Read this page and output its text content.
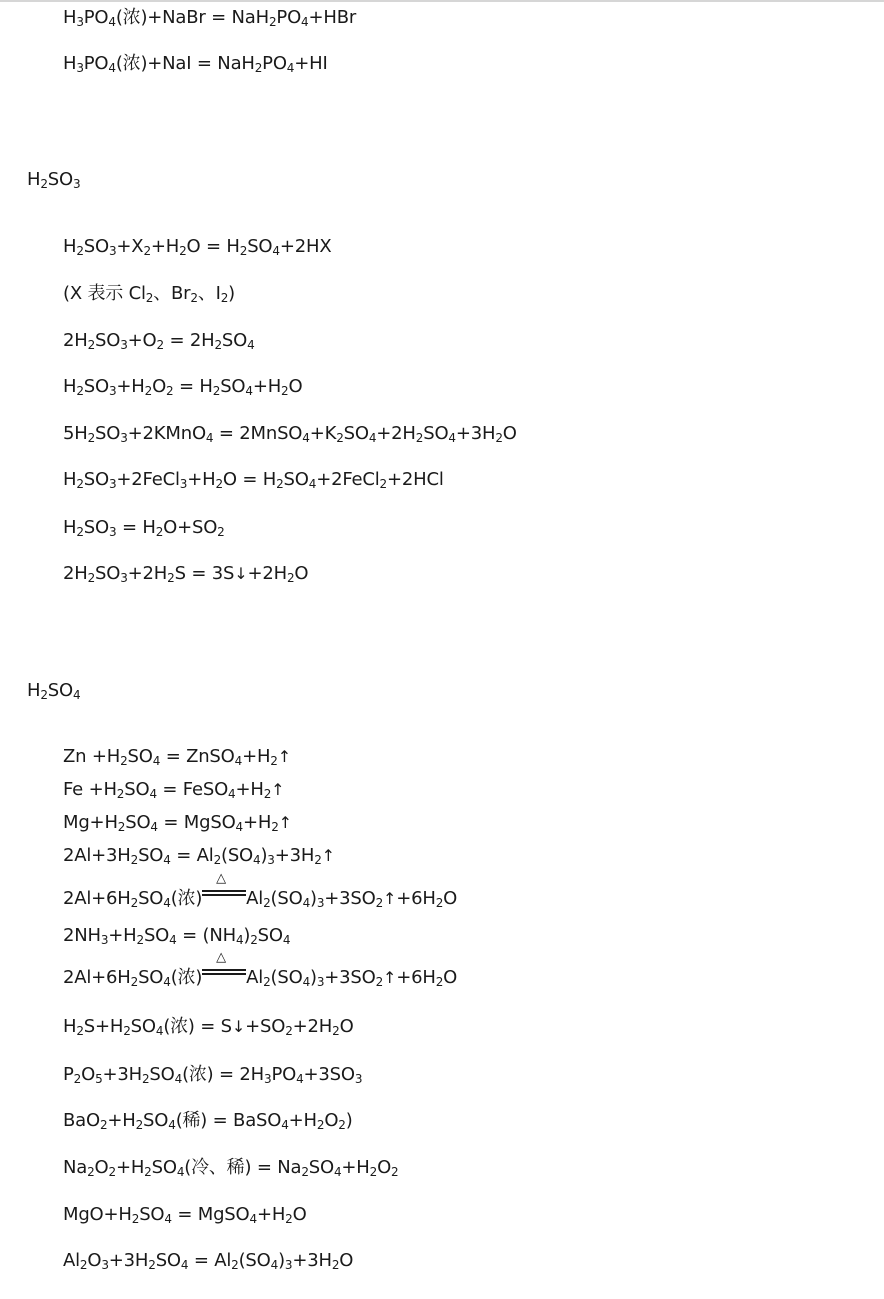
$H_3PO_4$(浓)+NaBr = $NaH_2PO_4+HBr$
$H_3PO_4$(浓)$+NaI = NaH_2PO_4+HI$
$H_2SO_3$
$H_2SO_3+X_2+H_2O = H_2SO_4+2HX$
(X 表示 $Cl_2$、$Br_2$、$I_2$)
$2H_2SO_3+O_2 = 2H_2SO_4$
$H_2SO_3+H_2O_2 = H_2SO_4+H_2O$
$5H_2SO_3+2KMnO_4$ = $2MnSO_4+K_2SO_4+2H_2SO_4+3H_2O$
$H_2SO_3+2FeCl_3+H_2O$ = $H_2SO_4+2FeCl_2+2HCl$
$H_2SO_3 = H_2O+SO_2$
$2H_2SO_3+2H_2S$ = $3S↓+2H_2O$
$H_2SO_4$
$Zn +H_2SO_4$ = $ZnSO_4+H_2↑$
$Fe +H_2SO_4$ = $FeSO_4+H_2↑$
$Mg+H_2SO_4$ = $MgSO_4+H_2↑$
$2Al+3H_2SO_4$ = $Al_2(SO_4)_3+3H_2↑$
$2Al+6H_2SO_4$(浓)
△
$Al_2(SO_4)_3+3SO_2↑+6H_2O$
$2NH_3+H_2SO_4 = (NH_4)_2SO_4$
$2Al+6H_2SO_4$(浓)
△
$Al_2(SO_4)_3+3SO_2↑+6H_2O$
$H_2S+H_2SO_4$(浓) = $S↓+SO_2+2H_2O$
$P_2O_5+3H_2SO_4$(浓) = $2H_3PO_4+3SO_3$
$BaO_2+H_2SO_4$(稀) = $BaSO_4+H_2O_2$)
$Na_2O_2+H_2SO_4$(冷、稀) = $Na_2SO_4+H_2O_2$
$MgO+H_2SO_4$ = $MgSO_4+H_2O$
$Al_2O_3+3H_2SO_4 = Al_2(SO_4)_3+3H_2O$
